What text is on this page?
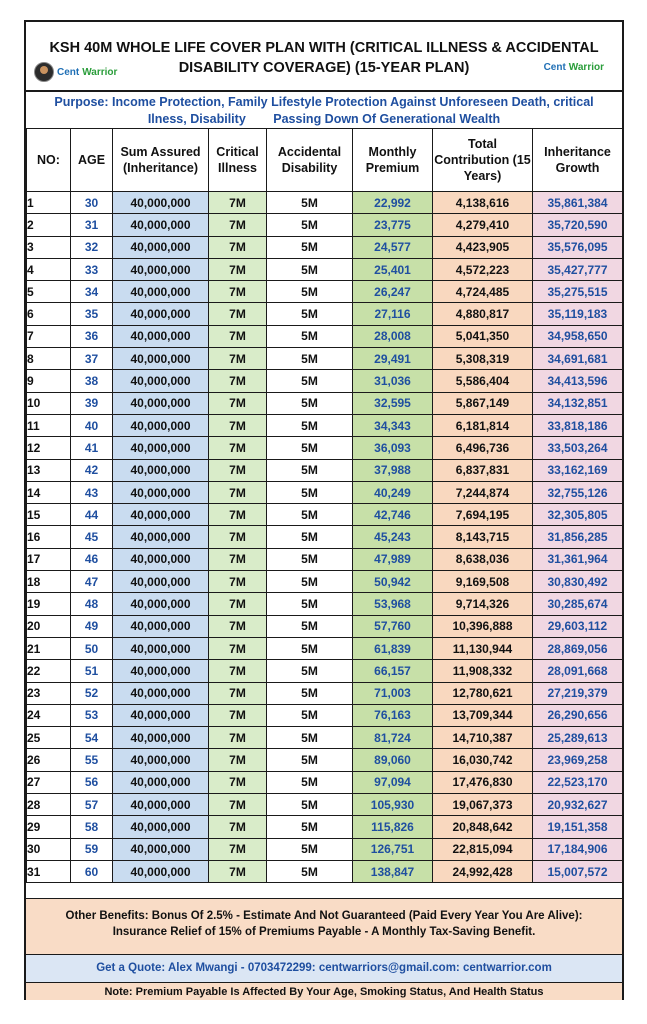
KSH 40M WHOLE LIFE COVER PLAN WITH (CRITICAL ILLNESS & ACCIDENTAL
DISABILITY COVERAGE) (15-YEAR PLAN)
Cent Warrior	Cent Warrior
Purpose: Income Protection, Family Lifestyle Protection Against Unforeseen Death, critical
Ilness, Disability Passing Down Of Generational Wealth
NO:	AGE	Sum Assured (Inheritance)	Critical Illness	Accidental Disability	Monthly Premium	Total Contribution (15 Years)	Inheritance Growth
1	30	40,000,000	7M	5M	22,992	4,138,616	35,861,384
2	31	40,000,000	7M	5M	23,775	4,279,410	35,720,590
3	32	40,000,000	7M	5M	24,577	4,423,905	35,576,095
4	33	40,000,000	7M	5M	25,401	4,572,223	35,427,777
5	34	40,000,000	7M	5M	26,247	4,724,485	35,275,515
6	35	40,000,000	7M	5M	27,116	4,880,817	35,119,183
7	36	40,000,000	7M	5M	28,008	5,041,350	34,958,650
8	37	40,000,000	7M	5M	29,491	5,308,319	34,691,681
9	38	40,000,000	7M	5M	31,036	5,586,404	34,413,596
10	39	40,000,000	7M	5M	32,595	5,867,149	34,132,851
11	40	40,000,000	7M	5M	34,343	6,181,814	33,818,186
12	41	40,000,000	7M	5M	36,093	6,496,736	33,503,264
13	42	40,000,000	7M	5M	37,988	6,837,831	33,162,169
14	43	40,000,000	7M	5M	40,249	7,244,874	32,755,126
15	44	40,000,000	7M	5M	42,746	7,694,195	32,305,805
16	45	40,000,000	7M	5M	45,243	8,143,715	31,856,285
17	46	40,000,000	7M	5M	47,989	8,638,036	31,361,964
18	47	40,000,000	7M	5M	50,942	9,169,508	30,830,492
19	48	40,000,000	7M	5M	53,968	9,714,326	30,285,674
20	49	40,000,000	7M	5M	57,760	10,396,888	29,603,112
21	50	40,000,000	7M	5M	61,839	11,130,944	28,869,056
22	51	40,000,000	7M	5M	66,157	11,908,332	28,091,668
23	52	40,000,000	7M	5M	71,003	12,780,621	27,219,379
24	53	40,000,000	7M	5M	76,163	13,709,344	26,290,656
25	54	40,000,000	7M	5M	81,724	14,710,387	25,289,613
26	55	40,000,000	7M	5M	89,060	16,030,742	23,969,258
27	56	40,000,000	7M	5M	97,094	17,476,830	22,523,170
28	57	40,000,000	7M	5M	105,930	19,067,373	20,932,627
29	58	40,000,000	7M	5M	115,826	20,848,642	19,151,358
30	59	40,000,000	7M	5M	126,751	22,815,094	17,184,906
31	60	40,000,000	7M	5M	138,847	24,992,428	15,007,572
Other Benefits: Bonus Of 2.5% - Estimate And Not Guaranteed (Paid Every Year You Are Alive):
Insurance Relief of 15% of Premiums Payable - A Monthly Tax-Saving Benefit.
Get a Quote: Alex Mwangi - 0703472299: centwarriors@gmail.com: centwarrior.com
Note: Premium Payable Is Affected By Your Age, Smoking Status, And Health Status
